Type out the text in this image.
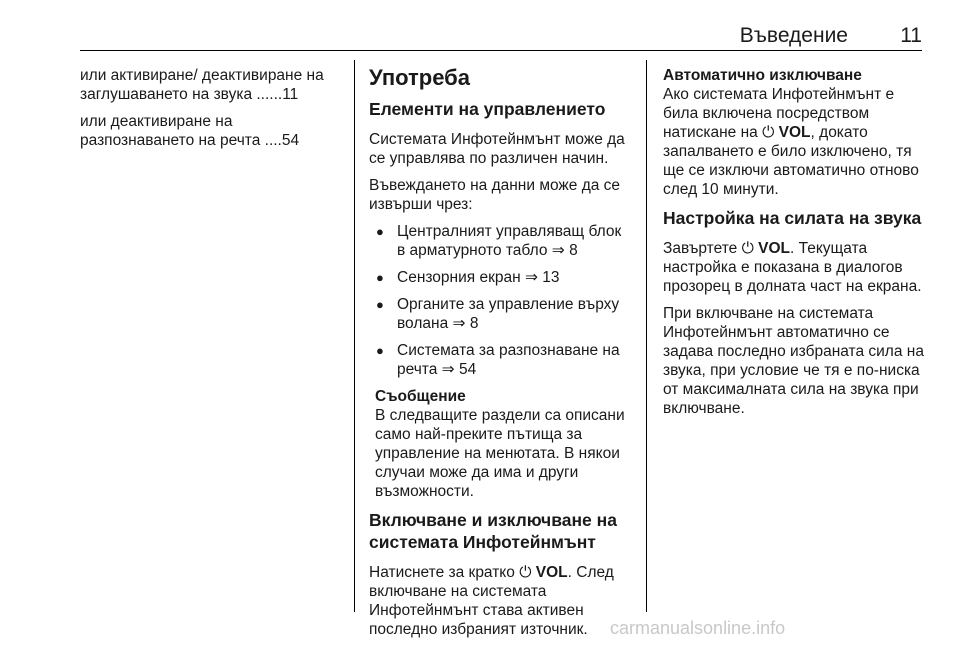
Въведение 11

или активиране/ деактивиране на заглушаването на звука ......11

или деактивиране на разпознаването на речта ....54

Употреба
Елементи на управлението

Системата Инфотейнмънт може да се управлява по различен начин.

Въвеждането на данни може да се извърши чрез:

● Централният управляващ блок в арматурното табло ⇒ 8
● Сензорния екран ⇒ 13
● Органите за управление върху волана ⇒ 8
● Системата за разпознаване на речта ⇒ 54
Съобщение

В следващите раздели са описани само най-преките пътища за управление на менютата. В някои случаи може да има и други възможности.

Включване и изключване на системата Инфотейнмънт

Натиснете за кратко ⏻ VOL. След включване на системата Инфотейнмънт става активен последно избраният източник.

Автоматично изключване

Ако системата Инфотейнмънт е била включена посредством натискане на ⏻ VOL, докато запалването е било изключено, тя ще се изключи автоматично отново след 10 минути.

Настройка на силата на звука

Завъртете ⏻ VOL. Текущата настройка е показана в диалогов прозорец в долната част на екрана.

При включване на системата Инфотейнмънт автоматично се задава последно избраната сила на звука, при условие че тя е по-ниска от максималната сила на звука при включване.

carmanualsonline.info
